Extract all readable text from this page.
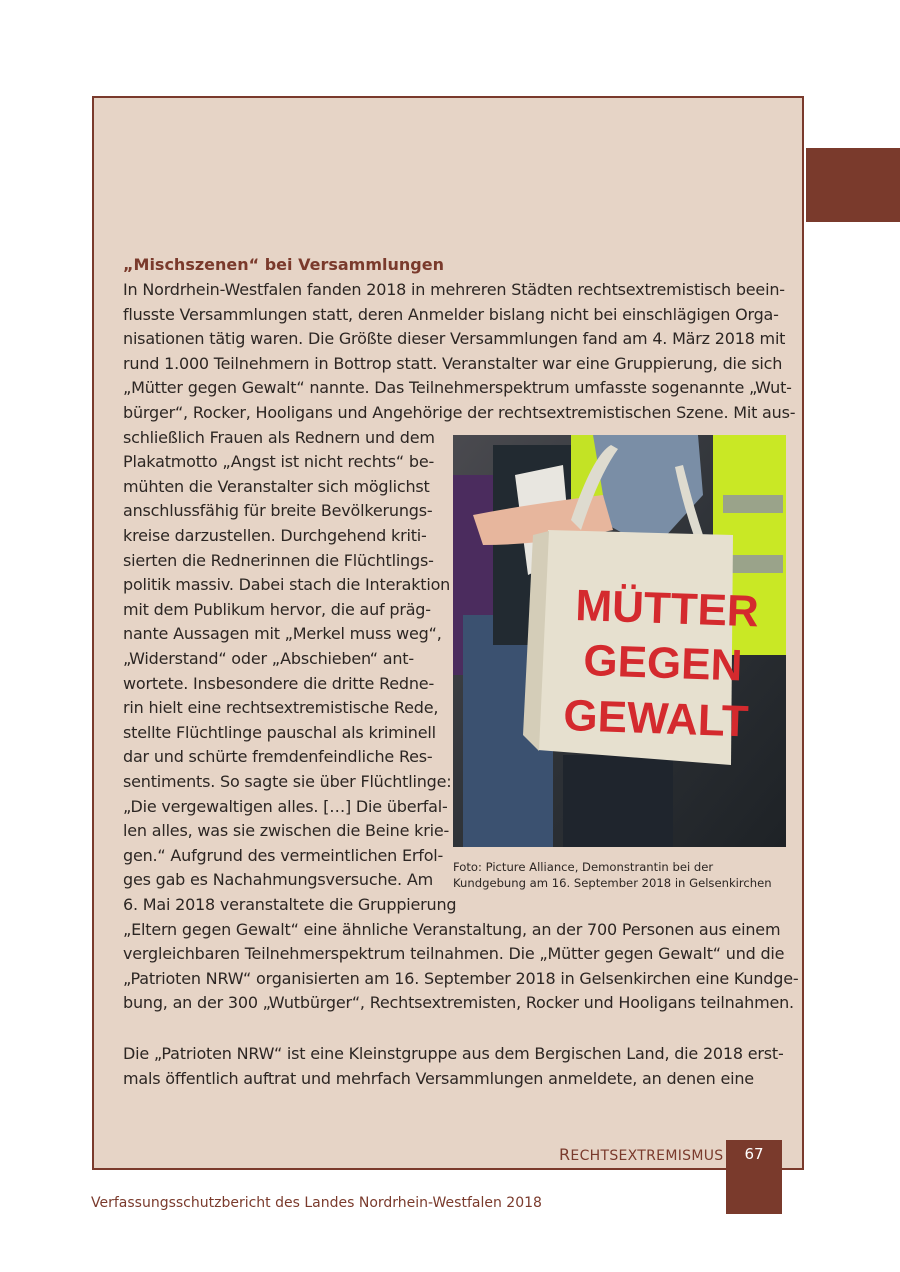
„Mischszenen“ bei Versammlungen
In Nordrhein-Westfalen fanden 2018 in mehreren Städten rechtsextremistisch beein-
flusste Versammlungen statt, deren Anmelder bislang nicht bei einschlägigen Orga-
nisationen tätig waren. Die Größte dieser Versammlungen fand am 4. März 2018 mit
rund 1.000 Teilnehmern in Bottrop statt. Veranstalter war eine Gruppierung, die sich
„Mütter gegen Gewalt“ nannte. Das Teilnehmerspektrum umfasste sogenannte „Wut-
bürger“, Rocker, Hooligans und Angehörige der rechtsextremistischen Szene. Mit aus-
schließlich Frauen als Rednern und dem
Plakatmotto „Angst ist nicht rechts“ be-
mühten die Veranstalter sich möglichst
anschlussfähig für breite Bevölkerungs-
kreise darzustellen. Durchgehend kriti-
sierten die Rednerinnen die Flüchtlings-
politik massiv. Dabei stach die Interaktion
mit dem Publikum hervor, die auf präg-
nante Aussagen mit „Merkel muss weg“,
„Widerstand“ oder „Abschieben“ ant-
wortete. Insbesondere die dritte Redne-
rin hielt eine rechtsextremistische Rede,
stellte Flüchtlinge pauschal als kriminell
dar und schürte fremdenfeindliche Res-
sentiments. So sagte sie über Flüchtlinge:
„Die vergewaltigen alles. […] Die überfal-
len alles, was sie zwischen die Beine krie-
gen.“ Aufgrund des vermeintlichen Erfol-
ges gab es Nachahmungsversuche. Am
6. Mai 2018 veranstaltete die Gruppierung
„Eltern gegen Gewalt“ eine ähnliche Veranstaltung, an der 700 Personen aus einem
vergleichbaren Teilnehmerspektrum teilnahmen. Die „Mütter gegen Gewalt“ und die
„Patrioten NRW“ organisierten am 16. September 2018 in Gelsenkirchen eine Kundge-
bung, an der 300 „Wutbürger“, Rechtsextremisten, Rocker und Hooligans teilnahmen.
Die „Patrioten NRW“ ist eine Kleinstgruppe aus dem Bergischen Land, die 2018 erst-
mals öffentlich auftrat und mehrfach Versammlungen anmeldete, an denen eine
MÜTTER
GEGEN
GEWALT
Foto: Picture Alliance, Demonstrantin bei der
Kundgebung am 16. September 2018 in Gelsenkirchen
RECHTSEXTREMISMUS	67
Verfassungsschutzbericht des Landes Nordrhein-Westfalen 2018
